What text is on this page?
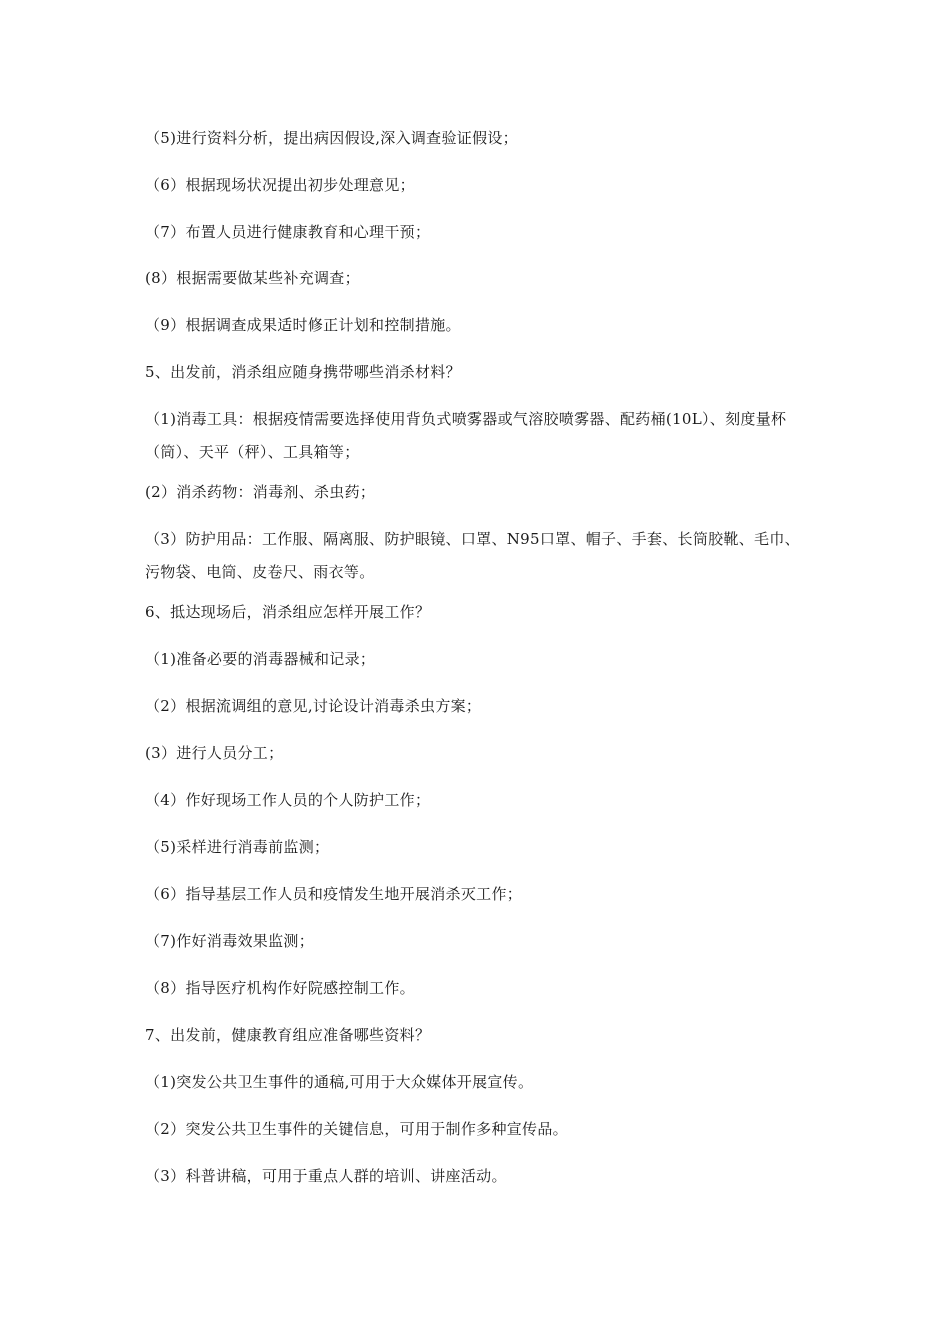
（5)进行资料分析，提出病因假设,深入调查验证假设；
（6）根据现场状况提出初步处理意见；
（7）布置人员进行健康教育和心理干预；
(8）根据需要做某些补充调查；
（9）根据调查成果适时修正计划和控制措施。
5、出发前，消杀组应随身携带哪些消杀材料？
（1)消毒工具：根据疫情需要选择使用背负式喷雾器或气溶胶喷雾器、配药桶(10L）、刻度量杯（筒）、天平（秤）、工具箱等；
(2）消杀药物：消毒剂、杀虫药；
（3）防护用品：工作服、隔离服、防护眼镜、口罩、N95口罩、帽子、手套、长筒胶靴、毛巾、污物袋、电筒、皮卷尺、雨衣等。
6、抵达现场后，消杀组应怎样开展工作？
（1)准备必要的消毒器械和记录；
（2）根据流调组的意见,讨论设计消毒杀虫方案；
(3）进行人员分工；
（4）作好现场工作人员的个人防护工作；
（5)采样进行消毒前监测；
（6）指导基层工作人员和疫情发生地开展消杀灭工作；
（7)作好消毒效果监测；
（8）指导医疗机构作好院感控制工作。
7、出发前，健康教育组应准备哪些资料？
（1)突发公共卫生事件的通稿,可用于大众媒体开展宣传。
（2）突发公共卫生事件的关键信息，可用于制作多种宣传品。
（3）科普讲稿，可用于重点人群的培训、讲座活动。
